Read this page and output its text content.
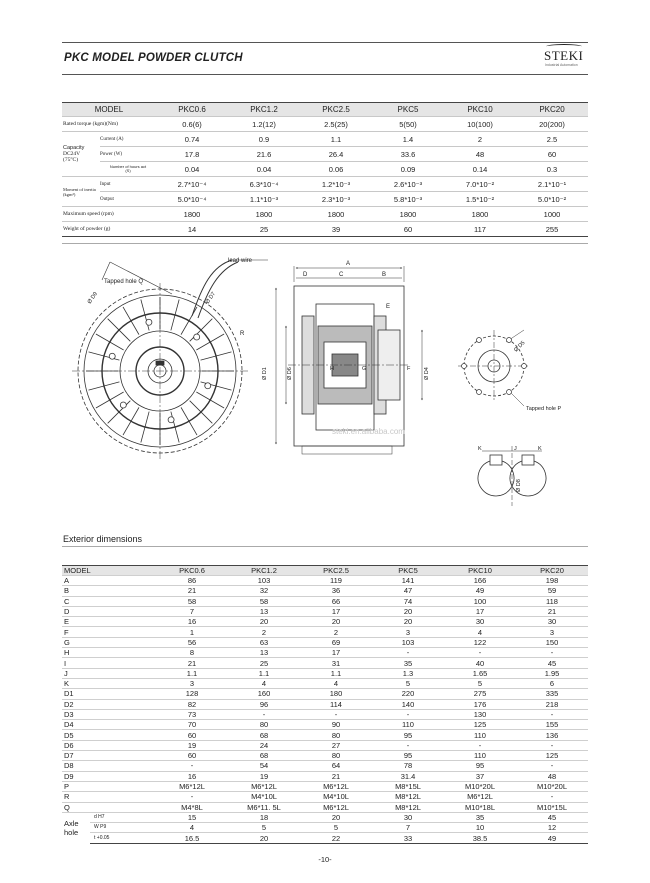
PKC MODEL POWDER CLUTCH	STEKI
Industrial Automation
MODEL		PKC0.6	PKC1.2	PKC2.5	PKC5	PKC10	PKC20
Rated torque (kgm)(Nm)		0.6(6)	1.2(12)	2.5(25)	5(50)	10(100)	20(200)

Capacity
DC24V
(75°C)	Current (A)	0.74	0.9	1.1	1.4	2	2.5
	Power (W)	17.8	21.6	26.4	33.6	48	60

	Number of hours act
(S)	0.04	0.04	0.06	0.09	0.14	0.3

Moment of inertia
(kgm²)	Input	2.7*10⁻⁴	6.3*10⁻⁴	1.2*10⁻³	2.6*10⁻³	7.0*10⁻²	2.1*10⁻¹
	Output	5.0*10⁻⁴	1.1*10⁻³	2.3*10⁻³	5.8*10⁻³	1.5*10⁻²	5.0*10⁻²
Maximum speed (rpm)		1800	1800	1800	1800	1800	1000
Weight of powder (g)		14	25	39	60	117	255
lead wire
Tapped hole Q
R
Ø D9	Ø D7
A
D	C	B
E
Ø D1	Ø D6	H	G	F Ø D4
steki.en.alibaba.com
Ø D5
Tapped hole P
K	J	K
Ø D8
Exterior dimensions
MODEL		PKC0.6	PKC1.2	PKC2.5	PKC5	PKC10	PKC20
A		86	103	119	141	166	198
B		21	32	36	47	49	59
C		58	58	66	74	100	118
D		7	13	17	20	17	21
E		16	20	20	20	30	30
F		1	2	2	3	4	3
G		56	63	69	103	122	150
H		8	13	17	-	-	-
I		21	25	31	35	40	45
J		1.1	1.1	1.1	1.3	1.65	1.95
K		3	4	4	5	5	6
D1		128	160	180	220	275	335
D2		82	96	114	140	176	218
D3		73	-	-	-	130	-
D4		70	80	90	110	125	155
D5		60	68	80	95	110	136
D6		19	24	27	-	-	-
D7		60	68	80	95	110	125
D8		-	54	64	78	95	-
D9		16	19	21	31.4	37	48
P		M6*12L	M6*12L	M6*12L	M8*15L	M10*20L	M10*20L
R		-	M4*10L	M4*10L	M8*12L	M6*12L	-
Q		M4*8L	M6*11. 5L	M6*12L	M8*12L	M10*18L	M10*15L

Axle
hole	d H7	15	18	20	30	35	45
	W P9	4	5	5	7	10	12
	t +0.05	16.5	20	22	33	38.5	49
-10-
